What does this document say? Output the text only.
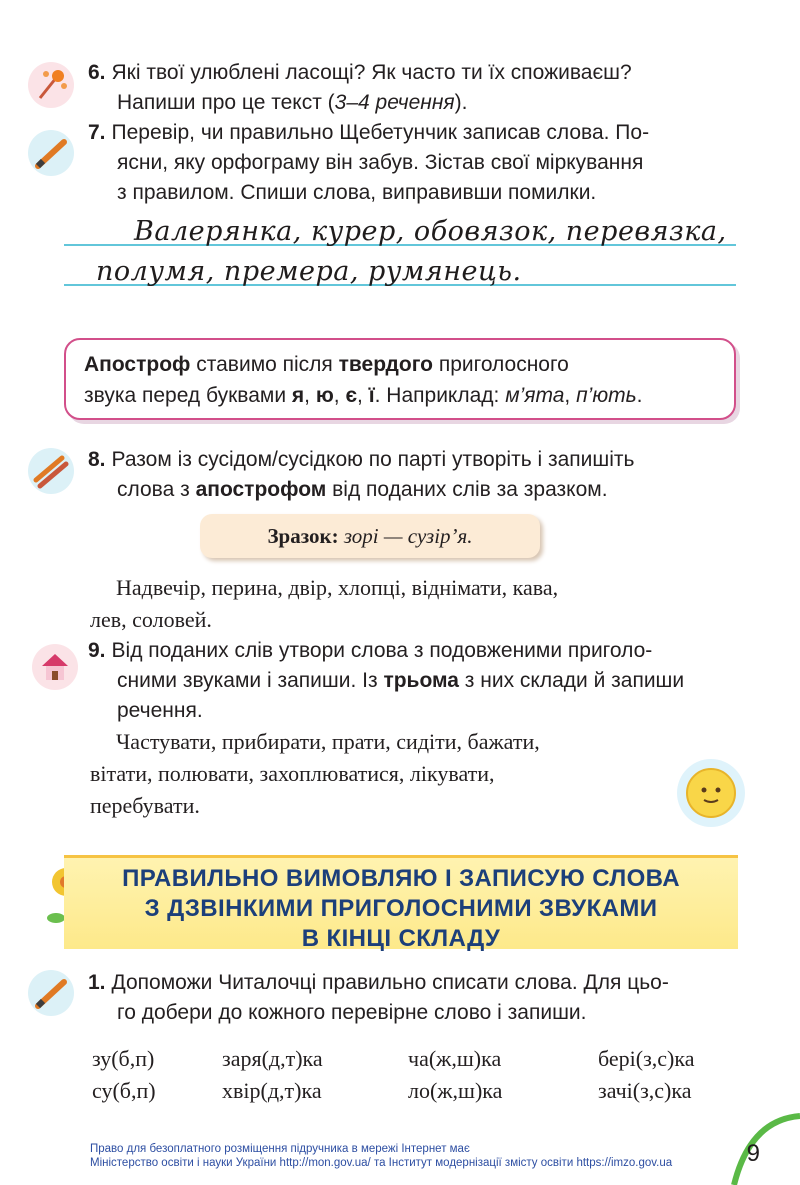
6. Які твої улюблені ласощі? Як часто ти їх споживаєш?
Напиши про це текст (3–4 речення).
7. Перевір, чи правильно Щебетунчик записав слова. По-
ясни, яку орфограму він забув. Зістав свої міркування
з правилом. Спиши слова, виправивши помилки.
Валерянка, курер, обовязок, перевязка,
полумя, премера, румянець.
Апостроф ставимо після твердого приголосного
звука перед буквами я, ю, є, ї. Наприклад: м’ята, п’ють.
8. Разом із сусідом/сусідкою по парті утворіть і запишіть
слова з апострофом від поданих слів за зразком.
Зразок: зорі — сузір’я.
Надвечір, перина, двір, хлопці, віднімати, кава,
лев, соловей.
9. Від поданих слів утвори слова з подовженими приголо-
сними звуками і запиши. Із трьома з них склади й запиши
речення.
Частувати, прибирати, прати, сидіти, бажати,
вітати, полювати, захоплюватися, лікувати,
перебувати.
ПРАВИЛЬНО ВИМОВЛЯЮ І ЗАПИСУЮ СЛОВА
З ДЗВІНКИМИ ПРИГОЛОСНИМИ ЗВУКАМИ
В КІНЦІ СКЛАДУ
1. Допоможи Читалочці правильно списати слова. Для цьо-
го добери до кожного перевірне слово і запиши.
зу(б,п)	заря(д,т)ка	ча(ж,ш)ка	бері(з,с)ка
су(б,п)	хвір(д,т)ка	ло(ж,ш)ка	зачі(з,с)ка
Право для безоплатного розміщення підручника в мережі Інтернет має
Міністерство освіти і науки України http://mon.gov.ua/ та Інститут модернізації змісту освіти https://imzo.gov.ua	9
